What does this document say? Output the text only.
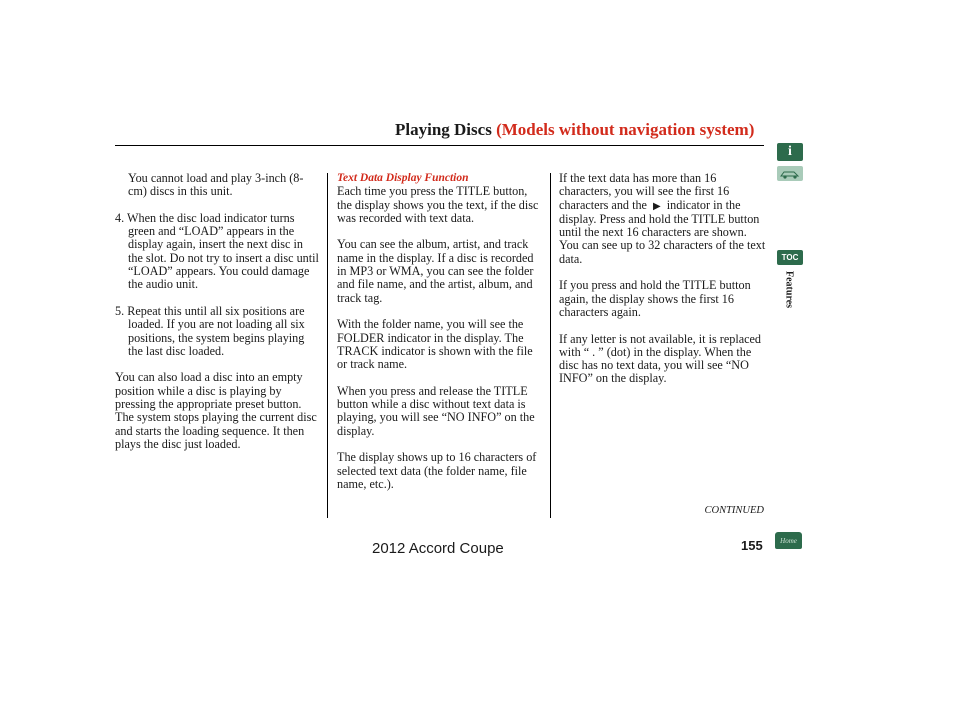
Playing Discs (Models without navigation system)

You cannot load and play 3-inch (8-cm) discs in this unit.

4. When the disc load indicator turns green and “LOAD” appears in the display again, insert the next disc in the slot. Do not try to insert a disc until “LOAD” appears. You could damage the audio unit.

5. Repeat this until all six positions are loaded. If you are not loading all six positions, the system begins playing the last disc loaded.

You can also load a disc into an empty position while a disc is playing by pressing the appropriate preset button. The system stops playing the current disc and starts the loading sequence. It then plays the disc just loaded.

Text Data Display Function
Each time you press the TITLE button, the display shows you the text, if the disc was recorded with text data.

You can see the album, artist, and track name in the display. If a disc is recorded in MP3 or WMA, you can see the folder and file name, and the artist, album, and track tag.

With the folder name, you will see the FOLDER indicator in the display. The TRACK indicator is shown with the file or track name.

When you press and release the TITLE button while a disc without text data is playing, you will see “NO INFO” on the display.

The display shows up to 16 characters of selected text data (the folder name, file name, etc.).

If the text data has more than 16 characters, you will see the first 16 characters and the ▶ indicator in the display. Press and hold the TITLE button until the next 16 characters are shown. You can see up to 32 characters of the text data.

If you press and hold the TITLE button again, the display shows the first 16 characters again.

If any letter is not available, it is replaced with “ . ” (dot) in the display. When the disc has no text data, you will see “NO INFO” on the display.

CONTINUED
2012 Accord Coupe	155
i
TOC
Features
Home
